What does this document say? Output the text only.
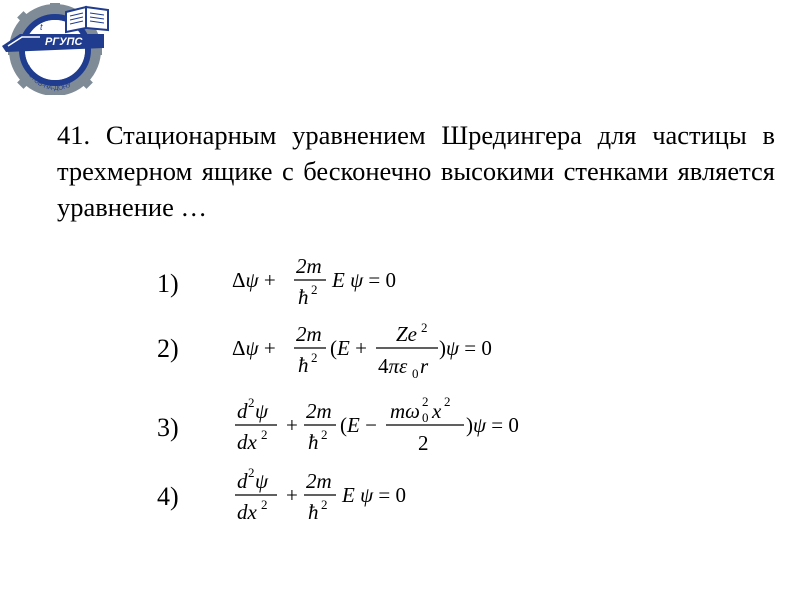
РГУПС
t
РОСТОВ-НА-ДОНУ

41. Стационарным уравнением Шредингера для частицы в трехмерном ящике с бесконечно высокими стенками является уравнение …

1)	Δψ +
2m
ħ 2 E ψ = 0
2)	Δψ +
2m
ħ 2 (E +
Ze 2
4πε 0 r
)ψ = 0
3)
d 2 ψ
dx 2 +
2m
ħ 2 (E −
mω 2
0 x 2
2
)ψ = 0
4)
d 2 ψ
dx 2 +
2m
ħ 2 E ψ = 0
